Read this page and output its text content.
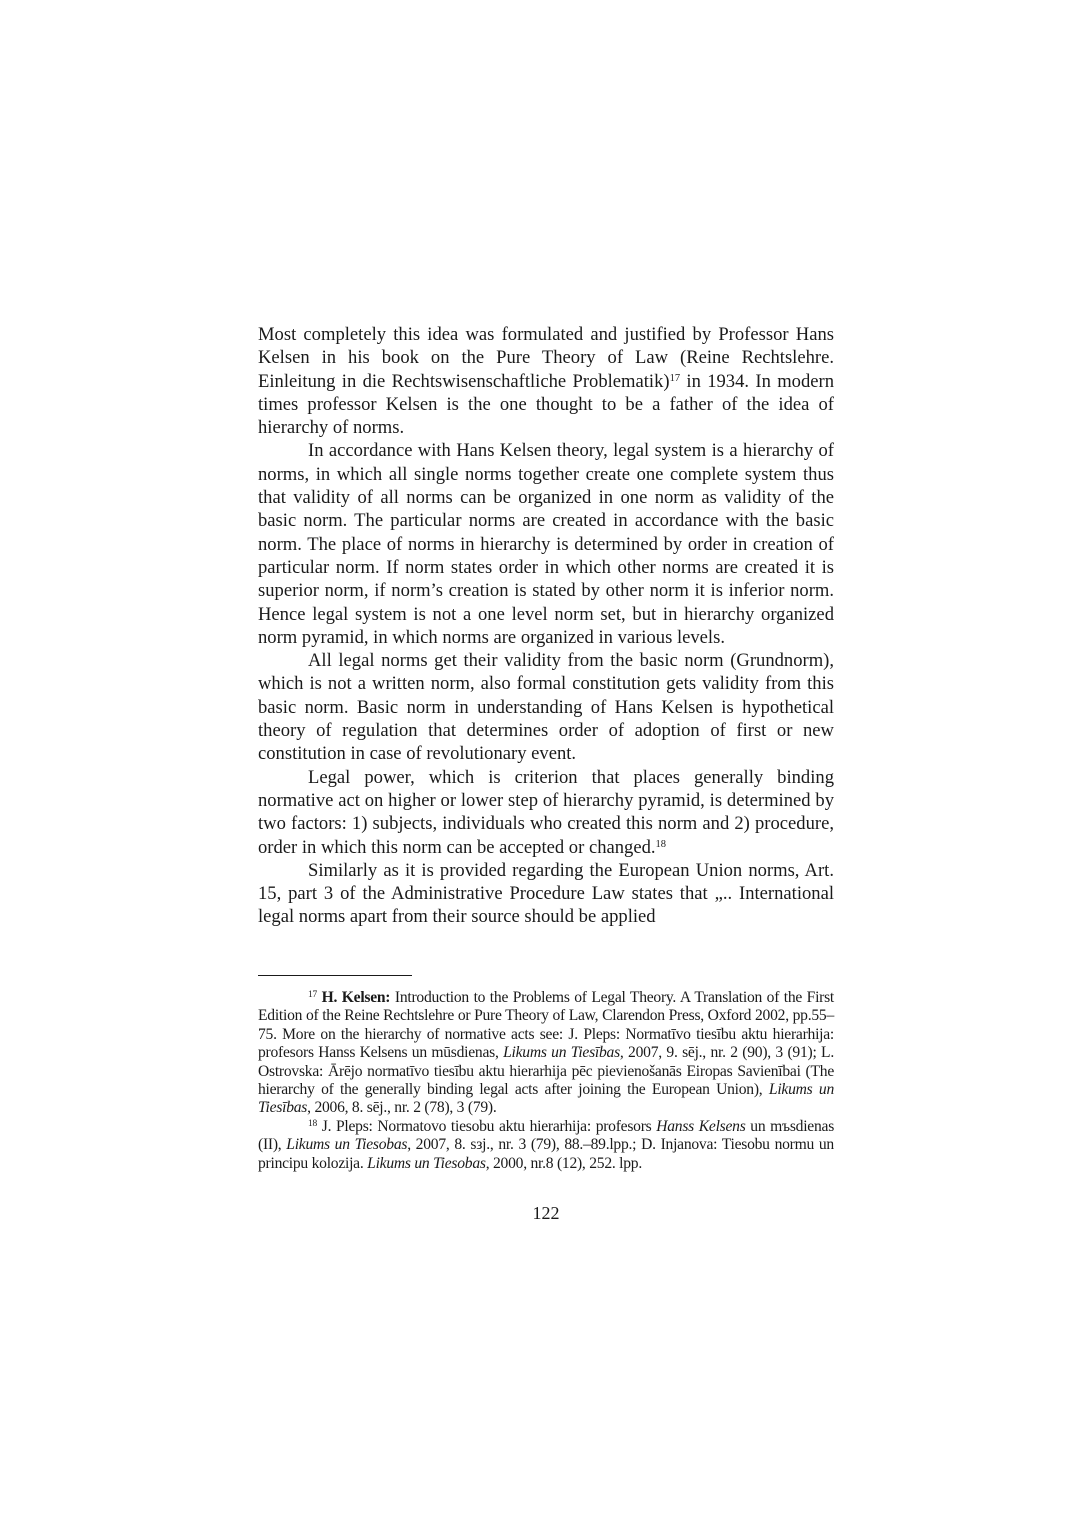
Most completely this idea was formulated and justified by Professor Hans Kelsen in his book on the Pure Theory of Law (Reine Rechtslehre. Einleitung in die Rechtswisenschaftliche Problematik)$^{17}$ in 1934. In modern times professor Kelsen is the one thought to be a father of the idea of hierarchy of norms.

In accordance with Hans Kelsen theory, legal system is a hierarchy of norms, in which all single norms together create one complete system thus that validity of all norms can be organized in one norm as validity of the basic norm. The particular norms are created in accordance with the basic norm. The place of norms in hierarchy is determined by order in creation of particular norm. If norm states order in which other norms are created it is superior norm, if norm’s creation is stated by other norm it is inferior norm. Hence legal system is not a one level norm set, but in hierarchy organized norm pyramid, in which norms are organized in various levels.

All legal norms get their validity from the basic norm (Grundnorm), which is not a written norm, also formal constitution gets validity from this basic norm. Basic norm in understanding of Hans Kelsen is hypothetical theory of regulation that determines order of adoption of first or new constitution in case of revolutionary event.

Legal power, which is criterion that places generally binding normative act on higher or lower step of hierarchy pyramid, is determined by two factors: 1) subjects, individuals who created this norm and 2) procedure, order in which this norm can be accepted or changed.$^{18}$

Similarly as it is provided regarding the European Union norms, Art. 15, part 3 of the Administrative Procedure Law states that „.. International legal norms apart from their source should be applied

$^{17}$ H. Kelsen: Introduction to the Problems of Legal Theory. A Translation of the First Edition of the Reine Rechtslehre or Pure Theory of Law, Clarendon Press, Oxford 2002, pp.55–75. More on the hierarchy of normative acts see: J. Pleps: Normatīvo tiesību aktu hierarhija: profesors Hanss Kelsens un mūsdienas, Likums un Tiesības, 2007, 9. sēj., nr. 2 (90), 3 (91); L. Ostrovska: Ārējo normatīvo tiesību aktu hierarhija pēc pievienošanās Eiropas Savienībai (The hierarchy of the generally binding legal acts after joining the European Union), Likums un Tiesības, 2006, 8. sēj., nr. 2 (78), 3 (79).

$^{18}$ J. Pleps: Normatovo tiesobu aktu hierarhija: profesors Hanss Kelsens un mъsdienas (II), Likums un Tiesobas, 2007, 8. sзj., nr. 3 (79), 88.–89.lpp.; D. Injanova: Tiesobu normu un principu kolozija. Likums un Tiesobas, 2000, nr.8 (12), 252. lpp.

122
